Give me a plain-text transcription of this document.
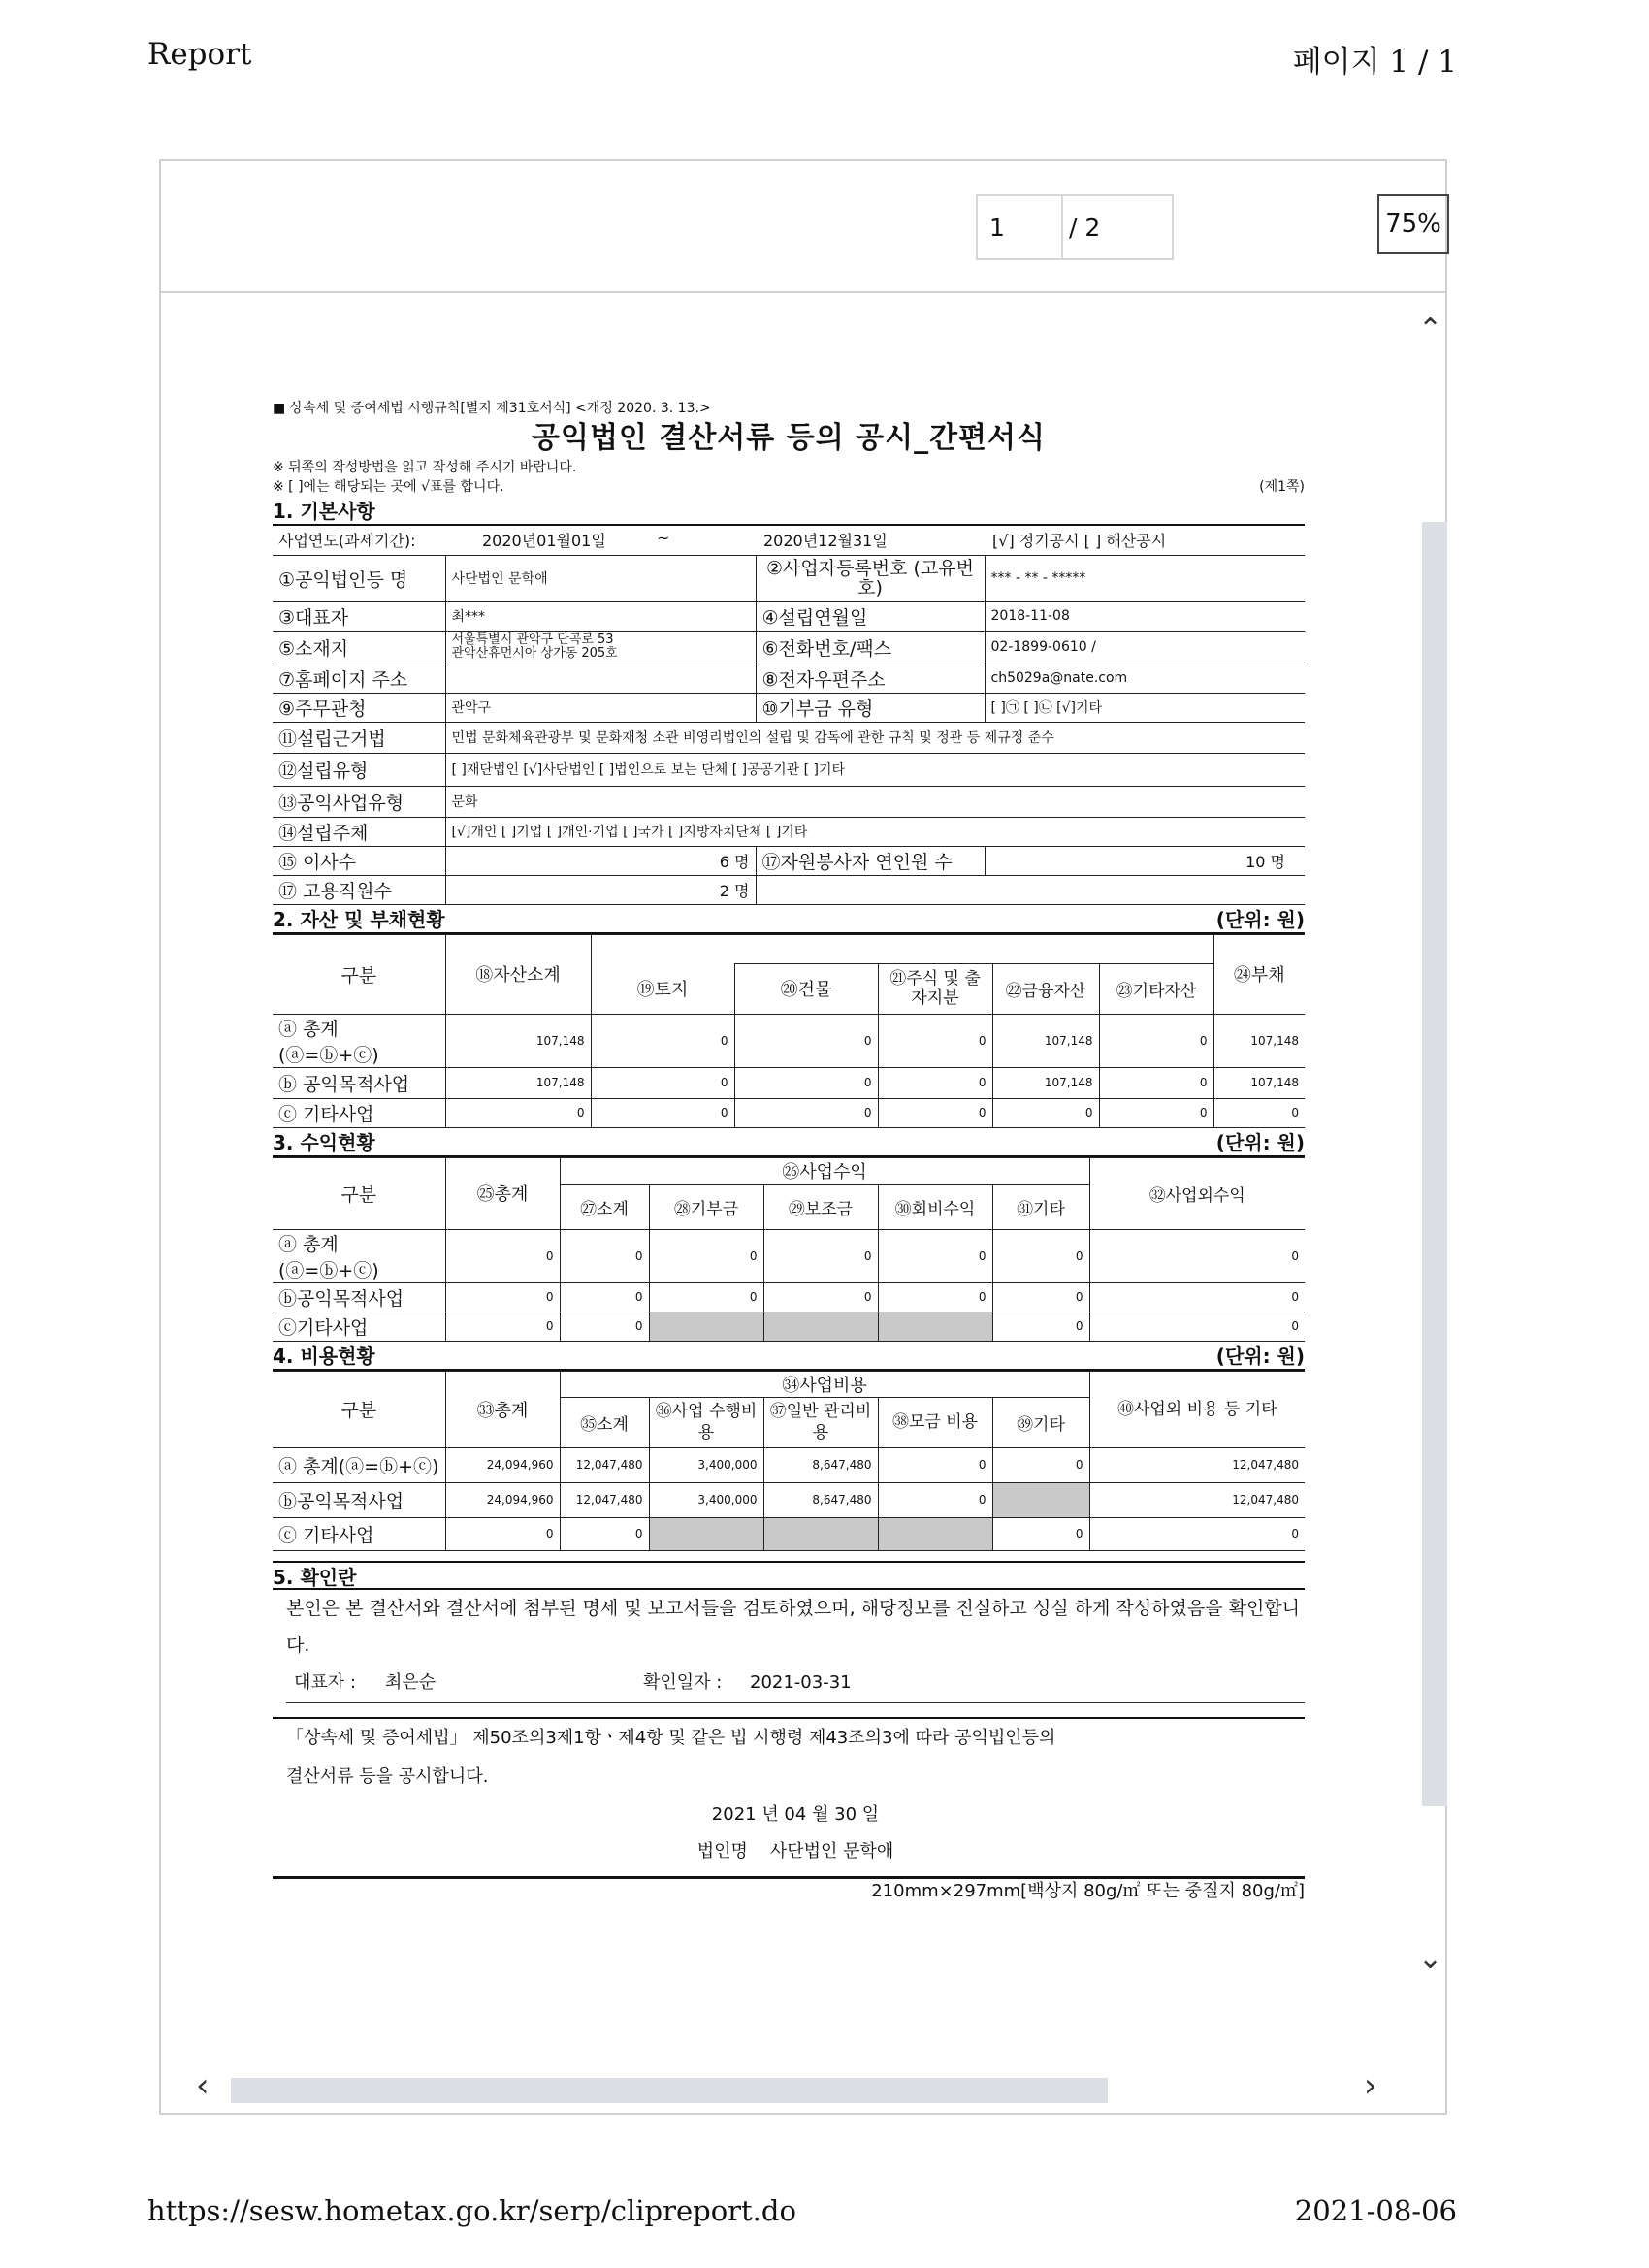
Report	페이지 1 / 1
1	/ 2	75%
⌃
⌄
‹	›
■ 상속세 및 증여세법 시행규칙[별지 제31호서식] <개정 2020. 3. 13.>
공익법인 결산서류 등의 공시_간편서식
※ 뒤쪽의 작성방법을 읽고 작성해 주시기 바랍니다.
※ [ ]에는 해당되는 곳에 √표를 합니다.	(제1쪽)
1. 기본사항
사업연도(과세기간): 2020년01월01일 ~ 2020년12월31일 [√] 정기공시 [ ] 해산공시			

①공익법인등 명	사단법인 문학애	②사업자등록번호 (고유번호)	*** - ** - *****
③대표자	최***	④설립연월일	2018-11-08
⑤소재지	서울특별시 관악구 단곡로 53
관악산휴먼시아 상가동 205호	⑥전화번호/팩스	02-1899-0610 /
⑦홈페이지 주소		⑧전자우편주소	ch5029a@nate.com
⑨주무관청	관악구	⑩기부금 유형	[ ]㉠ [ ]㉡ [√]기타
⑪설립근거법	민법 문화체육관광부 및 문화재청 소관 비영리법인의 설립 및 감독에 관한 규칙 및 정관 등 제규정 준수		
⑫설립유형	[ ]재단법인 [√]사단법인 [ ]법인으로 보는 단체 [ ]공공기관 [ ]기타		
⑬공익사업유형	문화		
⑭설립주체	[√]개인 [ ]기업 [ ]개인·기업 [ ]국가 [ ]지방자치단체 [ ]기타		
⑮ 이사수	6 명	⑰자원봉사자 연인원 수	10 명
⑰ 고용직원수	2 명		
2. 자산 및 부채현황	(단위: 원)
구분	⑱자산소계						㉔부채
		⑲토지	⑳건물	㉑주식 및 출자지분	㉒금융자산	㉓기타자산	
ⓐ 총계 (ⓐ=ⓑ+ⓒ)	107,148	0	0	0	107,148	0	107,148
ⓑ 공익목적사업	107,148	0	0	0	107,148	0	107,148
ⓒ 기타사업	0	0	0	0	0	0	0
3. 수익현황	(단위: 원)
구분	㉕총계	㉖사업수익					㉜사업외수익
		㉗소계	㉘기부금	㉙보조금	㉚회비수익	㉛기타	
ⓐ 총계 (ⓐ=ⓑ+ⓒ)	0	0	0	0	0	0	0
ⓑ공익목적사업	0	0	0	0	0	0	0
ⓒ기타사업	0	0				0	0
4. 비용현황	(단위: 원)
구분	㉝총계	㉞사업비용					㊵사업외 비용 등 기타
		㉟소계	㊱사업 수행비용	㊲일반 관리비용	㊳모금 비용	㊴기타	
ⓐ 총계(ⓐ=ⓑ+ⓒ)	24,094,960	12,047,480	3,400,000	8,647,480	0	0	12,047,480
ⓑ공익목적사업	24,094,960	12,047,480	3,400,000	8,647,480	0		12,047,480
ⓒ 기타사업	0	0				0	0
5. 확인란

본인은 본 결산서와 결산서에 첨부된 명세 및 보고서들을 검토하였으며, 해당정보를 진실하고 성실 하게 작성하였음을 확인합니다.

대표자 :	최은순	확인일자 :	2021-03-31

「상속세 및 증여세법」 제50조의3제1항ㆍ제4항 및 같은 법 시행령 제43조의3에 따라 공익법인등의

결산서류 등을 공시합니다.

2021 년 04 월 30 일
법인명 사단법인 문학애
210mm×297mm[백상지 80g/㎡ 또는 중질지 80g/㎡]
https://sesw.hometax.go.kr/serp/clipreport.do	2021-08-06
